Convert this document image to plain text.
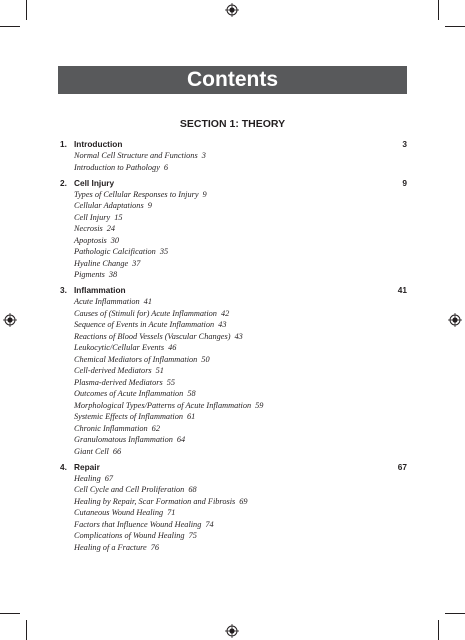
Contents
SECTION 1: THEORY
1. Introduction	3
Normal Cell Structure and Functions 3
Introduction to Pathology 6
2. Cell Injury	9
Types of Cellular Responses to Injury 9
Cellular Adaptations 9
Cell Injury 15
Necrosis 24
Apoptosis 30
Pathologic Calcification 35
Hyaline Change 37
Pigments 38
3. Inflammation	41
Acute Inflammation 41
Causes of (Stimuli for) Acute Inflammation 42
Sequence of Events in Acute Inflammation 43
Reactions of Blood Vessels (Vascular Changes) 43
Leukocytic/Cellular Events 46
Chemical Mediators of Inflammation 50
Cell-derived Mediators 51
Plasma-derived Mediators 55
Outcomes of Acute Inflammation 58
Morphological Types/Patterns of Acute Inflammation 59
Systemic Effects of Inflammation 61
Chronic Inflammation 62
Granulomatous Inflammation 64
Giant Cell 66
4. Repair	67
Healing 67
Cell Cycle and Cell Proliferation 68
Healing by Repair, Scar Formation and Fibrosis 69
Cutaneous Wound Healing 71
Factors that Influence Wound Healing 74
Complications of Wound Healing 75
Healing of a Fracture 76
